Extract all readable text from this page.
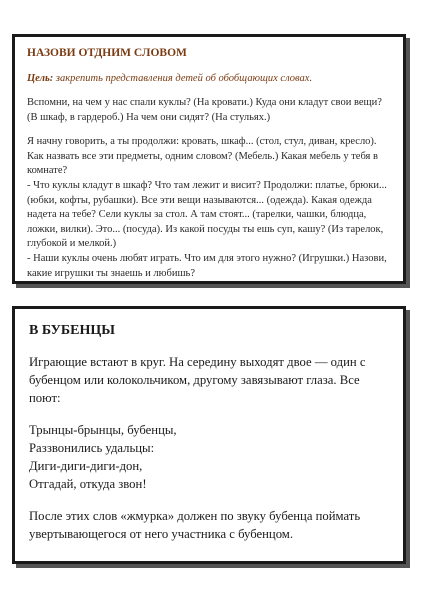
НАЗОВИ ОТДНИМ СЛОВОМ
Цель: закрепить представления детей об обобщающих словах.
Вспомни, на чем у нас спали куклы? (На кровати.) Куда они кладут свои вещи? (В шкаф, в гардероб.) На чем они сидят? (На стульях.)
Я начну говорить, а ты продолжи: кровать, шкаф... (стол, стул, диван, кресло). Как назвать все эти предметы, одним словом? (Мебель.) Какая мебель у тебя в комнате?
- Что куклы кладут в шкаф? Что там лежит и висит? Продолжи: платье, брюки... (юбки, кофты, рубашки). Все эти вещи называются... (одежда). Какая одежда надета на тебе? Сели куклы за стол. А там стоят... (тарелки, чашки, блюдца, ложки, вилки). Это... (посуда). Из какой посуды ты ешь суп, кашу? (Из тарелок, глубокой и мелкой.)
- Наши куклы очень любят играть. Что им для этого нужно? (Игрушки.) Назови, какие игрушки ты знаешь и любишь?
В БУБЕНЦЫ
Играющие встают в круг. На середину выходят двое — один с бубенцом или колокольчиком, другому завязывают глаза. Все поют:
Трынцы-брынцы, бубенцы,
Раззвонились удальцы:
Диги-диги-диги-дон,
Отгадай, откуда звон!
После этих слов «жмурка» должен по звуку бубенца поймать увертывающегося от него участника с бубенцом.
